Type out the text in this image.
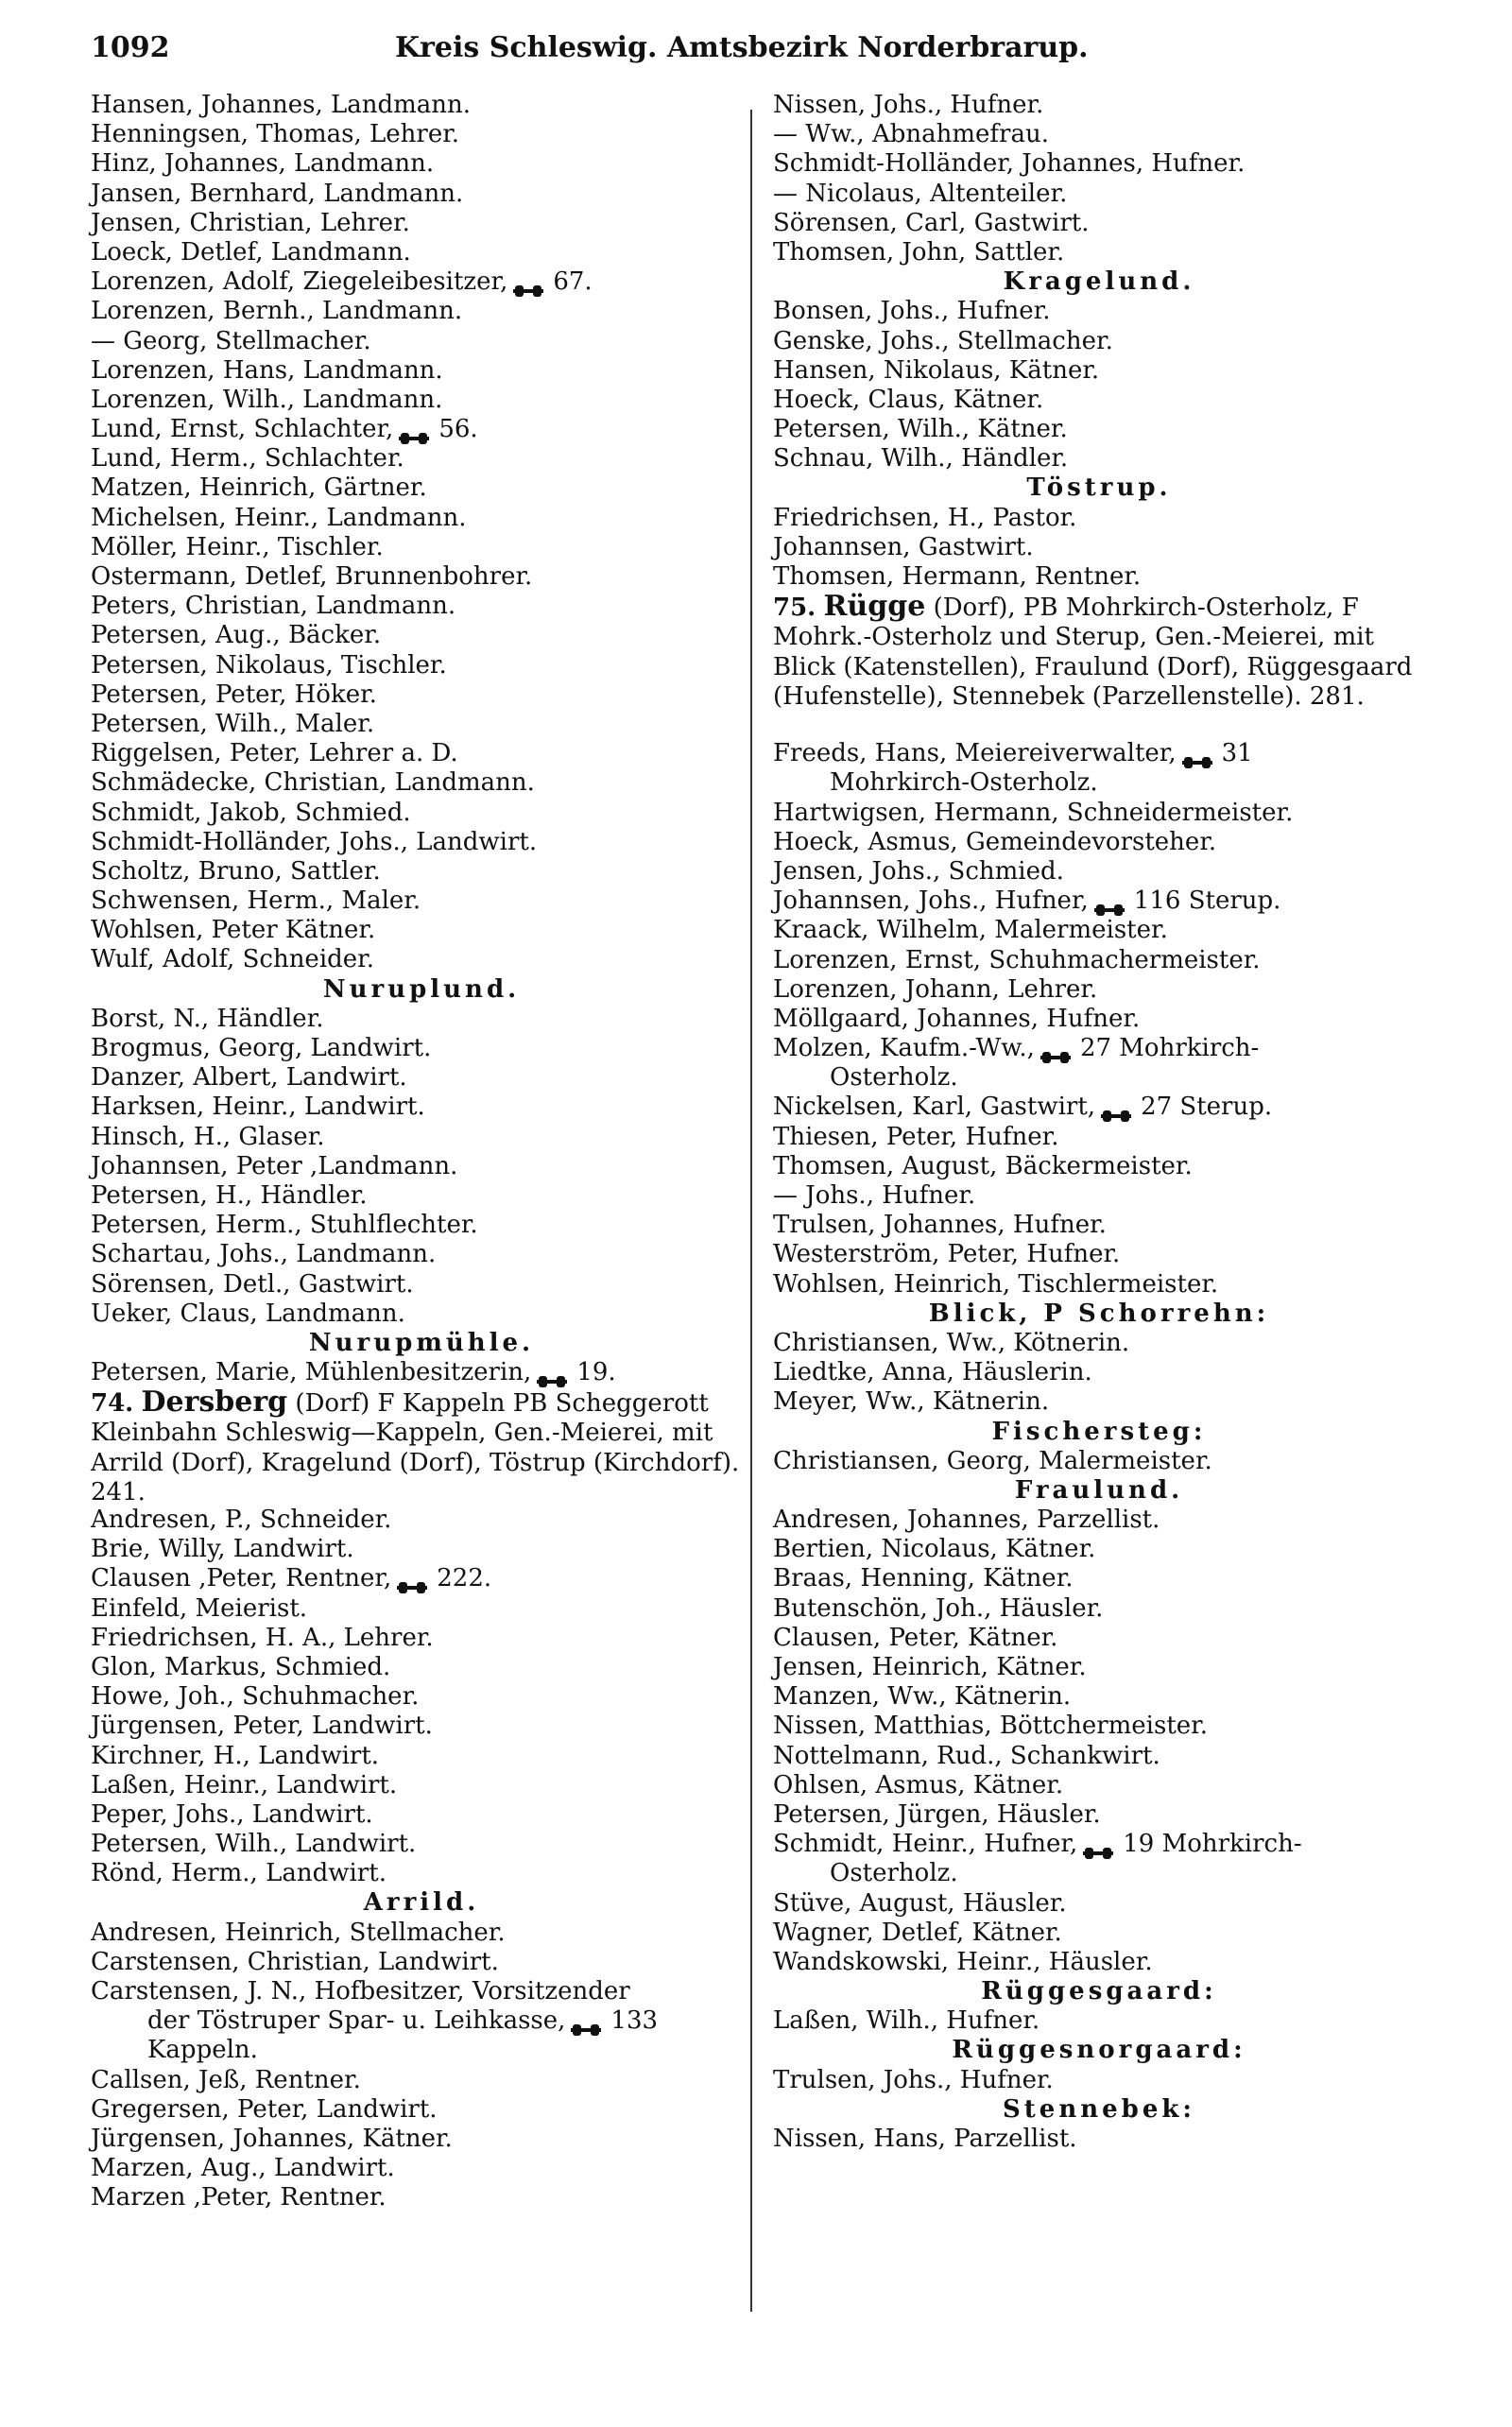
1092	Kreis Schleswig. Amtsbezirk Norderbrarup.
Hansen, Johannes, Landmann.
Henningsen, Thomas, Lehrer.
Hinz, Johannes, Landmann.
Jansen, Bernhard, Landmann.
Jensen, Christian, Lehrer.
Loeck, Detlef, Landmann.
Lorenzen, Adolf, Ziegeleibesitzer, 67.
Lorenzen, Bernh., Landmann.
— Georg, Stellmacher.
Lorenzen, Hans, Landmann.
Lorenzen, Wilh., Landmann.
Lund, Ernst, Schlachter, 56.
Lund, Herm., Schlachter.
Matzen, Heinrich, Gärtner.
Michelsen, Heinr., Landmann.
Möller, Heinr., Tischler.
Ostermann, Detlef, Brunnenbohrer.
Peters, Christian, Landmann.
Petersen, Aug., Bäcker.
Petersen, Nikolaus, Tischler.
Petersen, Peter, Höker.
Petersen, Wilh., Maler.
Riggelsen, Peter, Lehrer a. D.
Schmädecke, Christian, Landmann.
Schmidt, Jakob, Schmied.
Schmidt-Holländer, Johs., Landwirt.
Scholtz, Bruno, Sattler.
Schwensen, Herm., Maler.
Wohlsen, Peter Kätner.
Wulf, Adolf, Schneider.
Nuruplund.
Borst, N., Händler.
Brogmus, Georg, Landwirt.
Danzer, Albert, Landwirt.
Harksen, Heinr., Landwirt.
Hinsch, H., Glaser.
Johannsen, Peter ,Landmann.
Petersen, H., Händler.
Petersen, Herm., Stuhlflechter.
Schartau, Johs., Landmann.
Sörensen, Detl., Gastwirt.
Ueker, Claus, Landmann.
Nurupmühle.
Petersen, Marie, Mühlenbesitzerin, 19.
74. Dersberg (Dorf) F Kappeln PB Scheggerott Kleinbahn Schleswig—Kappeln, Gen.-Meierei, mit Arrild (Dorf), Kragelund (Dorf), Töstrup (Kirchdorf). 241.
Andresen, P., Schneider.
Brie, Willy, Landwirt.
Clausen ,Peter, Rentner, 222.
Einfeld, Meierist.
Friedrichsen, H. A., Lehrer.
Glon, Markus, Schmied.
Howe, Joh., Schuhmacher.
Jürgensen, Peter, Landwirt.
Kirchner, H., Landwirt.
Laßen, Heinr., Landwirt.
Peper, Johs., Landwirt.
Petersen, Wilh., Landwirt.
Rönd, Herm., Landwirt.
Arrild.
Andresen, Heinrich, Stellmacher.
Carstensen, Christian, Landwirt.
Carstensen, J. N., Hofbesitzer, Vorsitzender
der Töstruper Spar- u. Leihkasse, 133
Kappeln.
Callsen, Jeß, Rentner.
Gregersen, Peter, Landwirt.
Jürgensen, Johannes, Kätner.
Marzen, Aug., Landwirt.
Marzen ,Peter, Rentner.
Nissen, Johs., Hufner.
— Ww., Abnahmefrau.
Schmidt-Holländer, Johannes, Hufner.
— Nicolaus, Altenteiler.
Sörensen, Carl, Gastwirt.
Thomsen, John, Sattler.
Kragelund.
Bonsen, Johs., Hufner.
Genske, Johs., Stellmacher.
Hansen, Nikolaus, Kätner.
Hoeck, Claus, Kätner.
Petersen, Wilh., Kätner.
Schnau, Wilh., Händler.
Töstrup.
Friedrichsen, H., Pastor.
Johannsen, Gastwirt.
Thomsen, Hermann, Rentner.
75. Rügge (Dorf), PB Mohrkirch-Osterholz, F Mohrk.-Osterholz und Sterup, Gen.-Meierei, mit Blick (Katenstellen), Fraulund (Dorf), Rüggesgaard (Hufenstelle), Stennebek (Parzellenstelle). 281.
Freeds, Hans, Meiereiverwalter, 31
Mohrkirch-Osterholz.
Hartwigsen, Hermann, Schneidermeister.
Hoeck, Asmus, Gemeindevorsteher.
Jensen, Johs., Schmied.
Johannsen, Johs., Hufner, 116 Sterup.
Kraack, Wilhelm, Malermeister.
Lorenzen, Ernst, Schuhmachermeister.
Lorenzen, Johann, Lehrer.
Möllgaard, Johannes, Hufner.
Molzen, Kaufm.-Ww., 27 Mohrkirch-
Osterholz.
Nickelsen, Karl, Gastwirt, 27 Sterup.
Thiesen, Peter, Hufner.
Thomsen, August, Bäckermeister.
— Johs., Hufner.
Trulsen, Johannes, Hufner.
Westerström, Peter, Hufner.
Wohlsen, Heinrich, Tischlermeister.
Blick, P Schorrehn:
Christiansen, Ww., Kötnerin.
Liedtke, Anna, Häuslerin.
Meyer, Ww., Kätnerin.
Fischersteg:
Christiansen, Georg, Malermeister.
Fraulund.
Andresen, Johannes, Parzellist.
Bertien, Nicolaus, Kätner.
Braas, Henning, Kätner.
Butenschön, Joh., Häusler.
Clausen, Peter, Kätner.
Jensen, Heinrich, Kätner.
Manzen, Ww., Kätnerin.
Nissen, Matthias, Böttchermeister.
Nottelmann, Rud., Schankwirt.
Ohlsen, Asmus, Kätner.
Petersen, Jürgen, Häusler.
Schmidt, Heinr., Hufner, 19 Mohrkirch-
Osterholz.
Stüve, August, Häusler.
Wagner, Detlef, Kätner.
Wandskowski, Heinr., Häusler.
Rüggesgaard:
Laßen, Wilh., Hufner.
Rüggesnorgaard:
Trulsen, Johs., Hufner.
Stennebek:
Nissen, Hans, Parzellist.
